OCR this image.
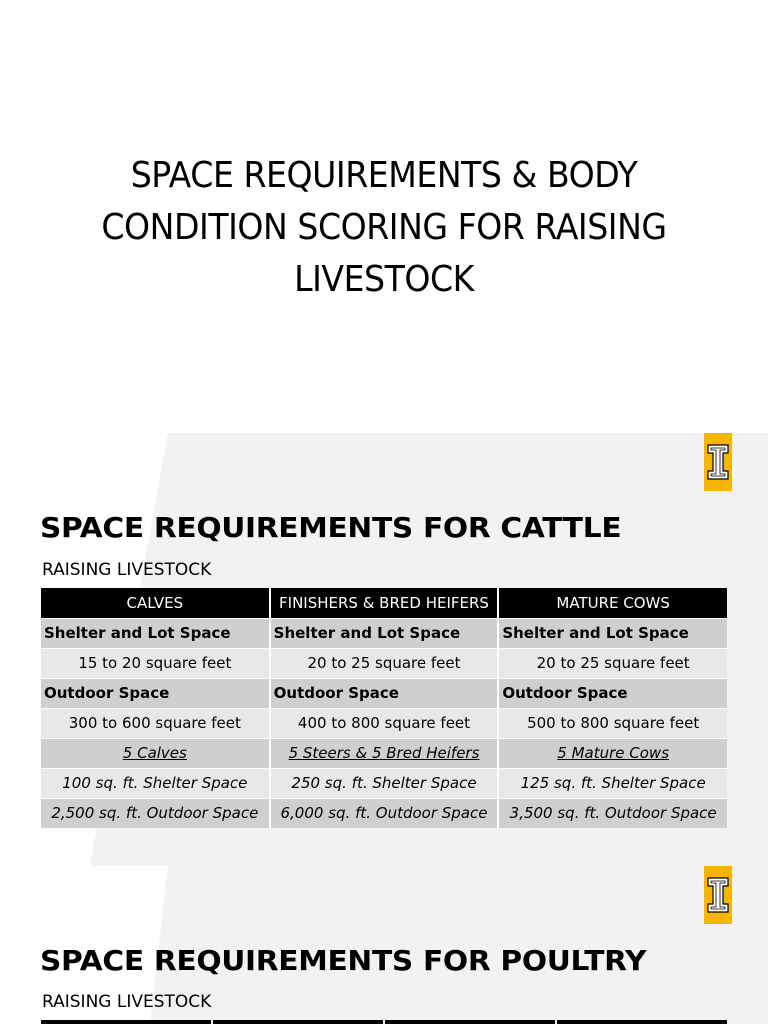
SPACE REQUIREMENTS & BODY CONDITION SCORING FOR RAISING LIVESTOCK
SPACE REQUIREMENTS FOR CATTLE
RAISING LIVESTOCK
CALVES	FINISHERS & BRED HEIFERS	MATURE COWS
Shelter and Lot Space	Shelter and Lot Space	Shelter and Lot Space
15 to 20 square feet	20 to 25 square feet	20 to 25 square feet
Outdoor Space	Outdoor Space	Outdoor Space
300 to 600 square feet	400 to 800 square feet	500 to 800 square feet
5 Calves	5 Steers & 5 Bred Heifers	5 Mature Cows
100 sq. ft. Shelter Space	250 sq. ft. Shelter Space	125 sq. ft. Shelter Space
2,500 sq. ft. Outdoor Space	6,000 sq. ft. Outdoor Space	3,500 sq. ft. Outdoor Space
SPACE REQUIREMENTS FOR POULTRY
RAISING LIVESTOCK
